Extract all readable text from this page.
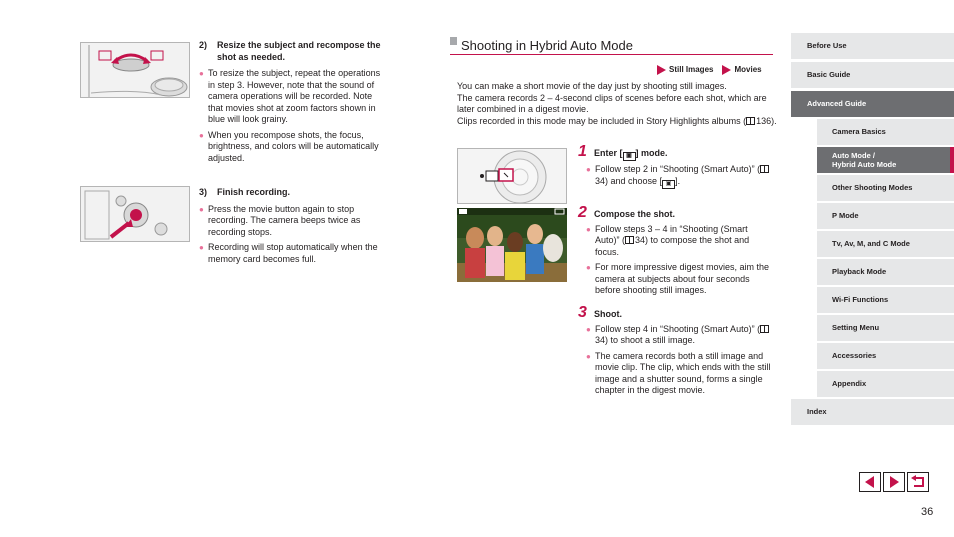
2)	Resize the subject and recompose the shot as needed.
● To resize the subject, repeat the operations in step 3. However, note that the sound of camera operations will be recorded. Note that movies shot at zoom factors shown in blue will look grainy.
● When you recompose shots, the focus, brightness, and colors will be automatically adjusted.
3)	Finish recording.
● Press the movie button again to stop recording. The camera beeps twice as recording stops.
● Recording will stop automatically when the memory card becomes full.
Shooting in Hybrid Auto Mode
Still Images	Movies

You can make a short movie of the day just by shooting still images.

The camera records 2 – 4-second clips of scenes before each shot, which are later combined in a digest movie.

Clips recorded in this mode may be included in Story Highlights albums ( 136).

1 Enter [ ▣ ] mode.
● Follow step 2 in “Shooting (Smart Auto)” (34) and choose [ ▣ ].
2 Compose the shot.
● Follow steps 3 – 4 in “Shooting (Smart Auto)” ( 34) to compose the shot and focus.
● For more impressive digest movies, aim the camera at subjects about four seconds before shooting still images.
3 Shoot.
● Follow step 4 in “Shooting (Smart Auto)” (34) to shoot a still image.
● The camera records both a still image and movie clip. The clip, which ends with the still image and a shutter sound, forms a single chapter in the digest movie.
Before Use
Basic Guide
Advanced Guide
Camera Basics
Auto Mode /
Hybrid Auto Mode
Other Shooting Modes
P Mode
Tv, Av, M, and C Mode
Playback Mode
Wi-Fi Functions
Setting Menu
Accessories
Appendix
Index
36
